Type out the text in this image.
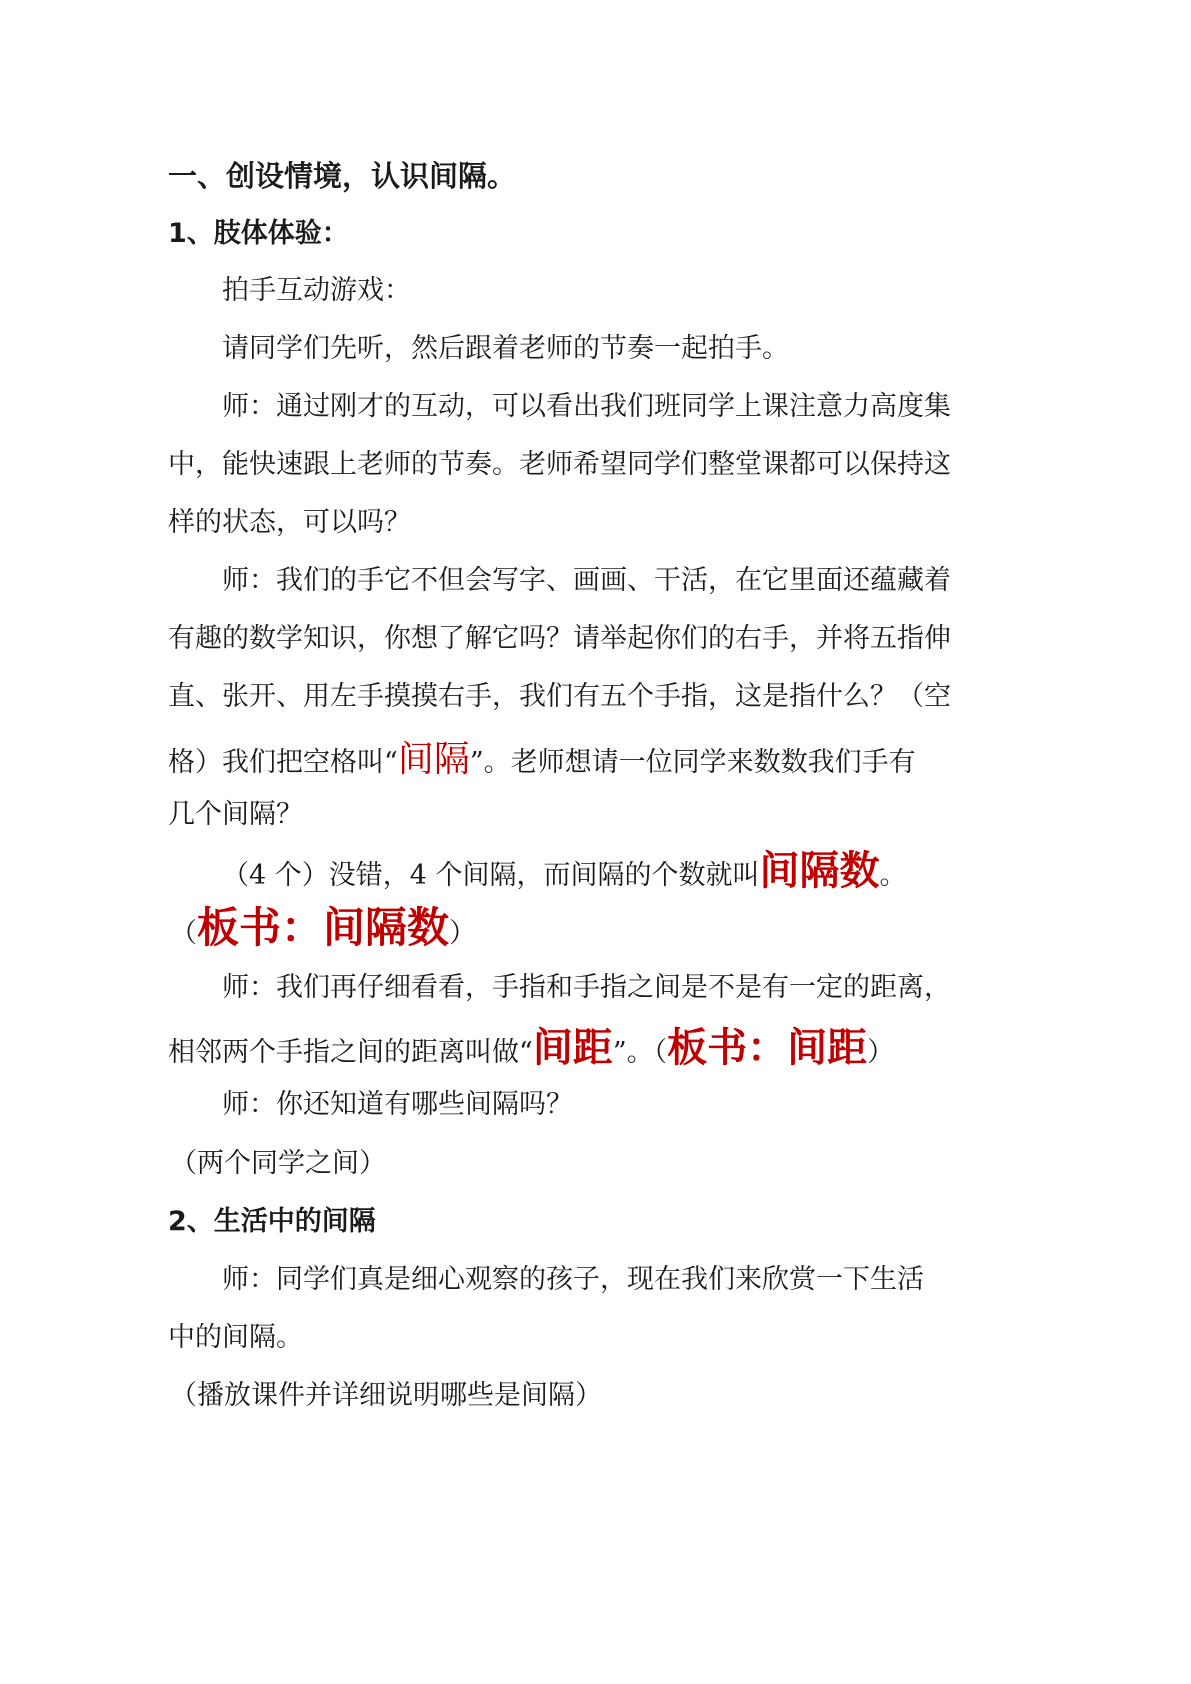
一、创设情境，认识间隔。
1、肢体体验：
拍手互动游戏：
请同学们先听，然后跟着老师的节奏一起拍手。
师：通过刚才的互动，可以看出我们班同学上课注意力高度集
中，能快速跟上老师的节奏。老师希望同学们整堂课都可以保持这
样的状态，可以吗？
师：我们的手它不但会写字、画画、干活，在它里面还蕴藏着
有趣的数学知识，你想了解它吗？请举起你们的右手，并将五指伸
直、张开、用左手摸摸右手，我们有五个手指，这是指什么？（空
格）我们把空格叫“间隔”。老师想请一位同学来数数我们手有
几个间隔？
（4 个）没错，4 个间隔，而间隔的个数就叫间隔数。
（板书：间隔数）
师：我们再仔细看看，手指和手指之间是不是有一定的距离，
相邻两个手指之间的距离叫做“间距”。（板书：间距）
师：你还知道有哪些间隔吗？
（两个同学之间）
2、生活中的间隔
师：同学们真是细心观察的孩子，现在我们来欣赏一下生活
中的间隔。
（播放课件并详细说明哪些是间隔）
